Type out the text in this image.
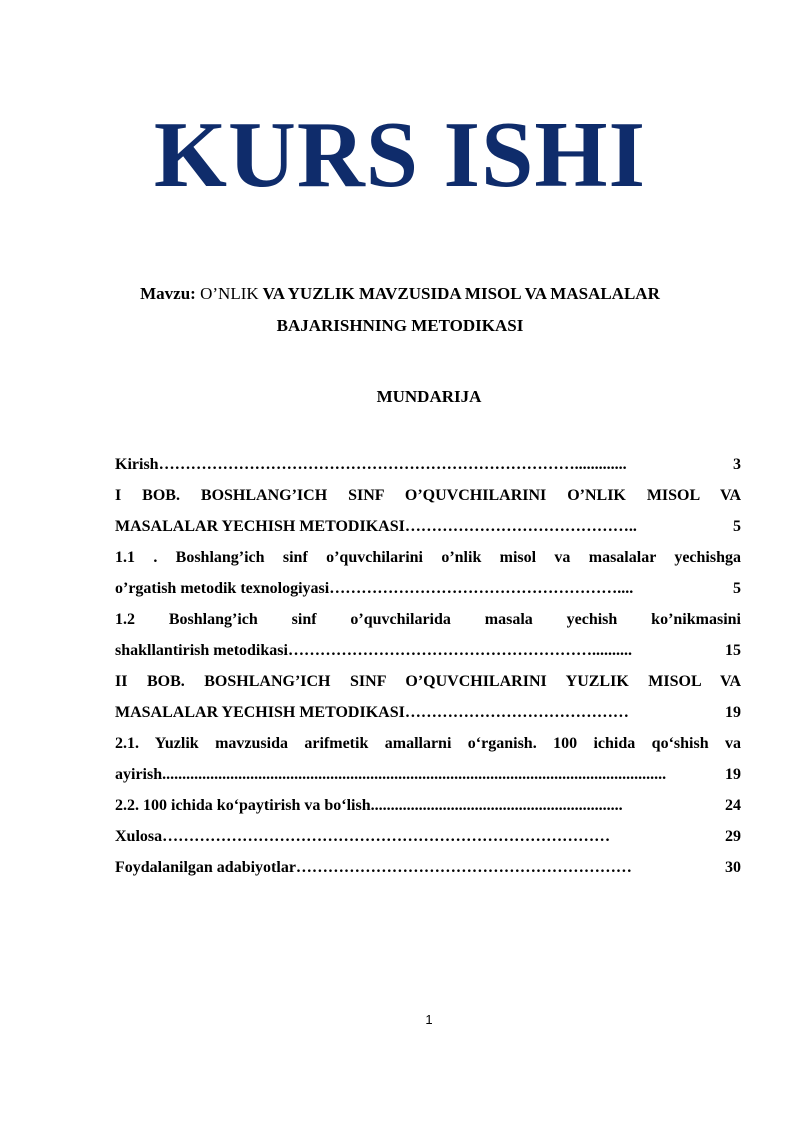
KURS ISHI
Mavzu: O’NLIK VA YUZLIK MAVZUSIDA MISOL VA MASALALAR
BAJARISHNING METODIKASI
MUNDARIJA
Kirish …………………………………………………………………….............	3
I BOB. BOSHLANG’ICH SINF O’QUVCHILARINI O’NLIK MISOL VA
MASALALAR YECHISH METODIKASI ……………………………………..	5
1.1 . Boshlang’ich sinf o’quvchilarini o’nlik misol va masalalar yechishga
o’rgatish metodik texnologiyasi ………………………………………………....	5
1.2 Boshlang’ich sinf o’quvchilarida masala yechish ko’nikmasini
shakllantirish metodikasi …………………………………………………..........	15
II BOB. BOSHLANG’ICH SINF O’QUVCHILARINI YUZLIK MISOL VA
MASALALAR YECHISH METODIKASI ……………………………………	19
2.1. Yuzlik mavzusida arifmetik amallarni o‘rganish. 100 ichida qo‘shish va
ayirish ..............................................................................................................................	19
2.2. 100 ichida ko‘paytirish va bo‘lish ...............................................................	24
Xulosa …………………………………………………………………………	29
Foydalanilgan adabiyotlar ………………………………………………………	30
1
